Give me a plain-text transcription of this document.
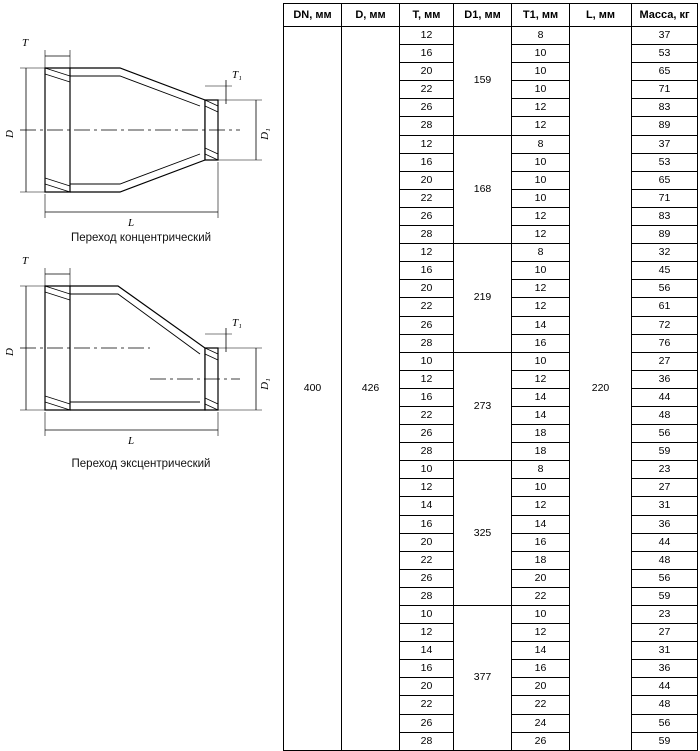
D	D₁
T
T₁
L
Переход концентрический
D
D₁
T
T₁
L
Переход эксцентрический
DN, мм	D, мм	T, мм	D1, мм	T1, мм	L, мм	Масса, кг
400	426	12	159	8	220	37
		16		10		53
		20		10		65
		22		10		71
		26		12		83
		28		12		89
		12	168	8		37
		16		10		53
		20		10		65
		22		10		71
		26		12		83
		28		12		89
		12	219	8		32
		16		10		45
		20		12		56
		22		12		61
		26		14		72
		28		16		76
		10	273	10		27
		12		12		36
		16		14		44
		22		14		48
		26		18		56
		28		18		59
		10	325	8		23
		12		10		27
		14		12		31
		16		14		36
		20		16		44
		22		18		48
		26		20		56
		28		22		59
		10	377	10		23
		12		12		27
		14		14		31
		16		16		36
		20		20		44
		22		22		48
		26		24		56
		28		26		59
